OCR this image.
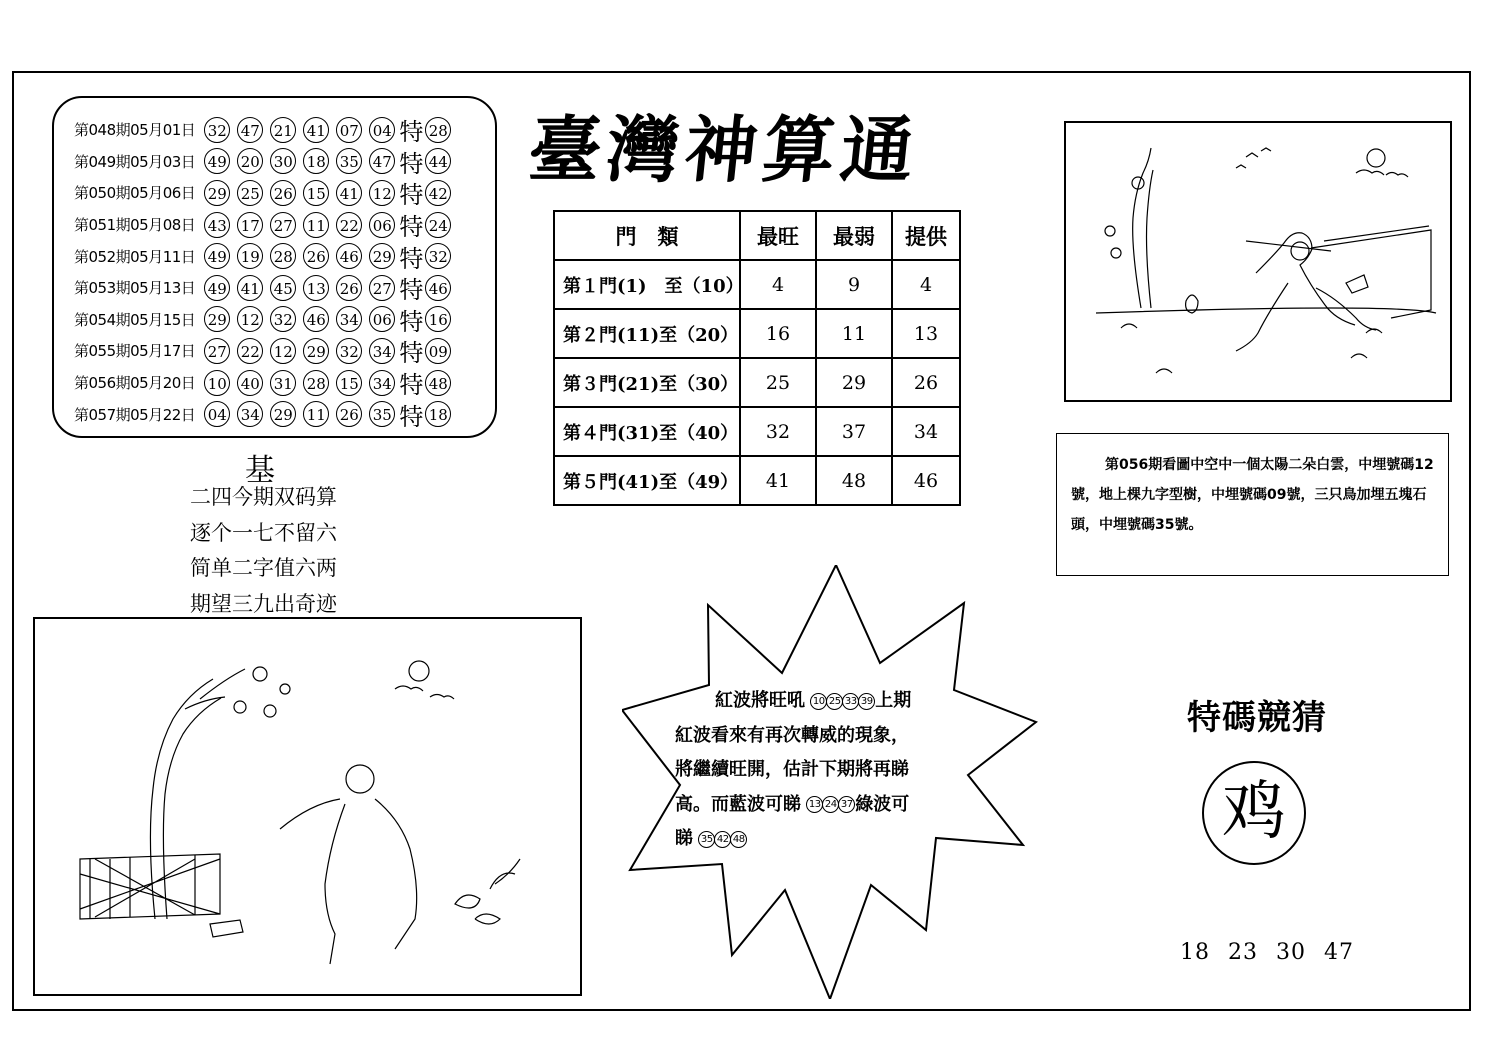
第048期05月01日 32 47 21 41 07 04 特 28
第049期05月03日 49 20 30 18 35 47 特 44
第050期05月06日 29 25 26 15 41 12 特 42
第051期05月08日 43 17 27 11 22 06 特 24
第052期05月11日 49 19 28 26 46 29 特 32
第053期05月13日 49 41 45 13 26 27 特 46
第054期05月15日 29 12 32 46 34 06 特 16
第055期05月17日 27 22 12 29 32 34 特 09
第056期05月20日 10 40 31 28 15 34 特 48
第057期05月22日 04 34 29 11 26 35 特 18
臺灣神算通
門　類	最旺	最弱	提供
第１門(1)　至（10）	4	9	4
第２門(11)至（20）	16	11	13
第３門(21)至（30）	25	29	26
第４門(31)至（40）	32	37	34
第５門(41)至（49）	41	48	46
基
二四今期双码算
逐个一七不留六
简单二字值六两
期望三九出奇迹
第056期看圖中空中一個太陽二朵白雲，中埋號碼12號，地上棵九字型樹，中埋號碼09號，三只鳥加埋五塊石頭，中埋號碼35號。
紅波將旺吼 10 25 33 39 上期
紅波看來有再次轉威的現象，
將繼續旺開，估計下期將再睇
高。而藍波可睇 13 24 37 綠波可
睇 35 42 48
特碼競猜
鸡
18 23 30 47
